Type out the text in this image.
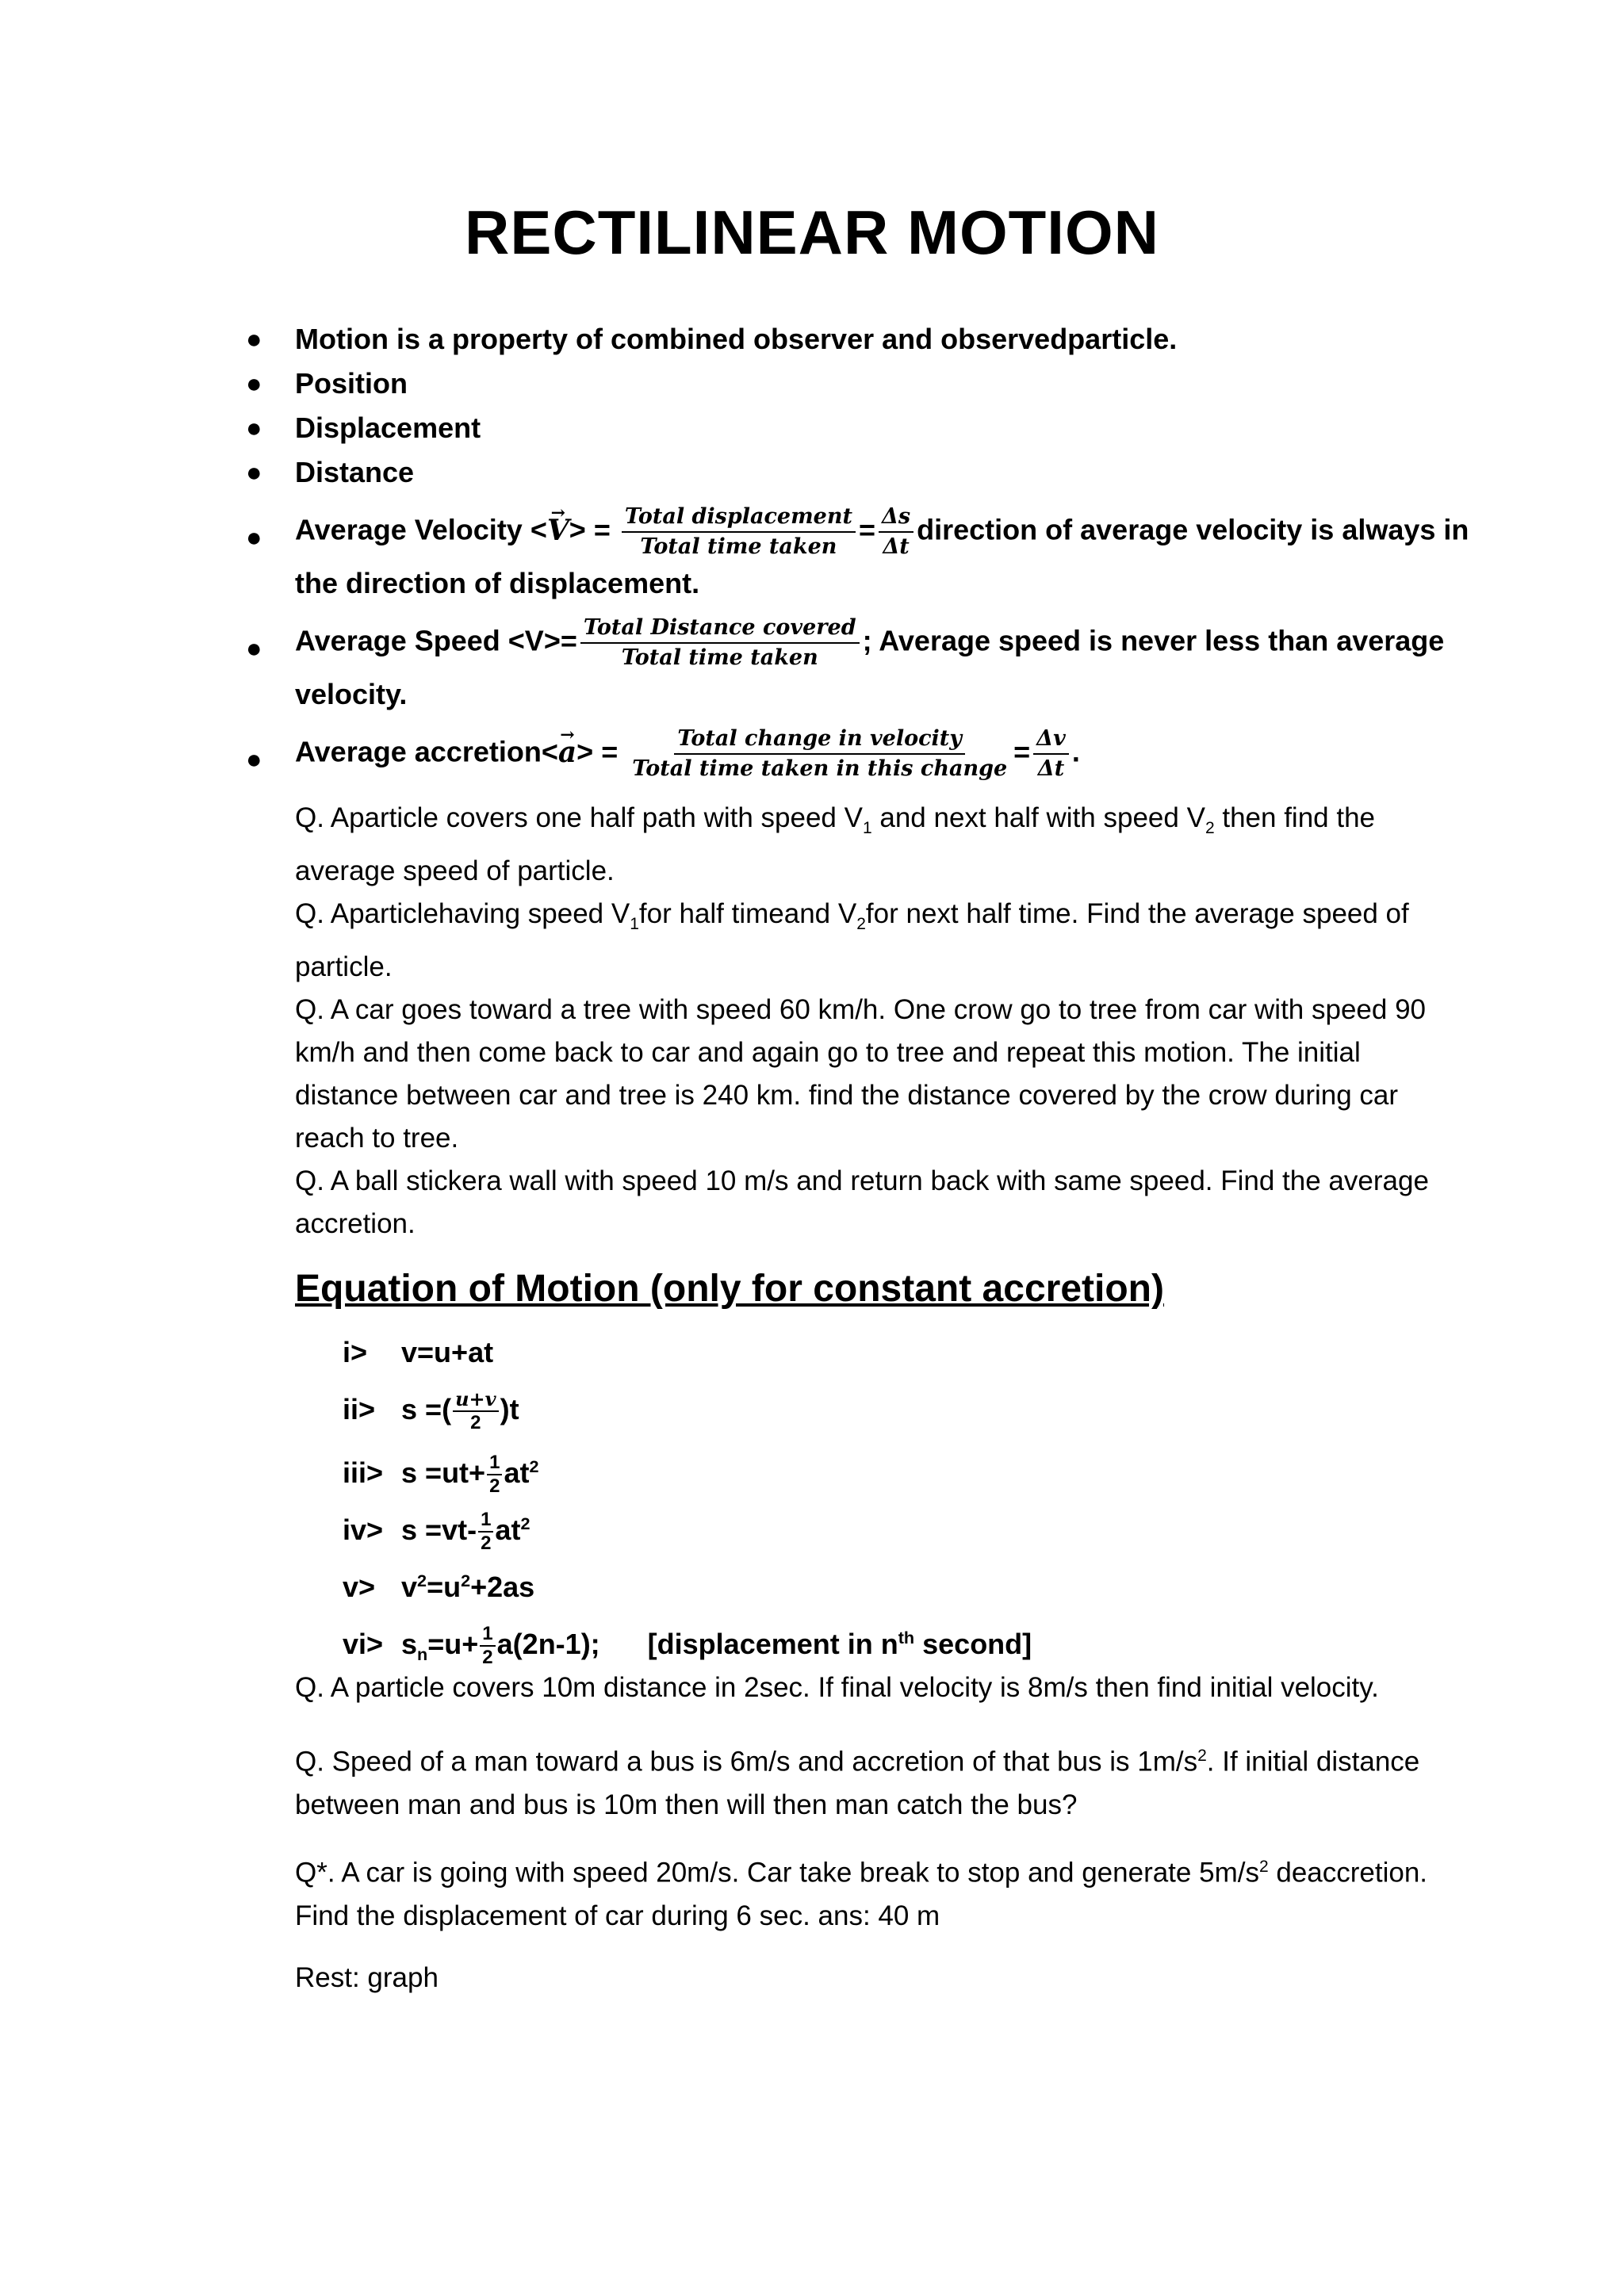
RECTILINEAR MOTION
● Motion is a property of combined observer and observedparticle.
● Position
● Displacement
● Distance
● Average Velocity <V →> = $\frac{\text{Total displacement}}{\text{Total time taken}} = \frac{\Delta s}{\Delta t}$ direction of average velocity is always in the direction of displacement.
● Average Speed $<V>= \frac{\text{Total Distance covered}}{\text{Total time taken}}$ ; Average speed is never less than average velocity.
● Average accretion<a →> = $\frac{\text{Total change in velocity}}{\text{Total time taken in this change}} = \frac{\Delta v}{\Delta t}$ .

Q. Aparticle covers one half path with speed $V_1$ and next half with speed $V_2$ then find the average speed of particle.

Q. Aparticlehaving speed $V_1for$ half timeand $V_2for$ next half time. Find the average speed of particle.

Q. A car goes toward a tree with speed 60 km/h. One crow go to tree from car with speed 90 km/h and then come back to car and again go to tree and repeat this motion. The initial distance between car and tree is 240 km. find the distance covered by the crow during car reach to tree.

Q. A ball stickera wall with speed 10 m/s and return back with same speed. Find the average accretion.

Equation of Motion (only for constant accretion)
i> v=u+at
ii> s =( $\frac{u+v}{2} )t$
$iii> s =ut+ \frac{1}{2} at^2$
$iv> s =vt- \frac{1}{2} at^2$
$v> v^2=u^2+2as$
$vi> s_n=u+ \frac{1}{2} a(2n-1)$; [displacement in $n^{th}$ second]

Q. A particle covers 10m distance in 2sec. If final velocity is 8m/s then find initial velocity.

Q. Speed of a man toward a bus is 6m/s and accretion of that bus is $1m/s^2$. If initial distance between man and bus is 10m then will then man catch the bus?

Q*. A car is going with speed 20m/s. Car take break to stop and generate $5m/s^2$ deaccretion. Find the displacement of car during 6 sec. ans: 40 m

Rest: graph
